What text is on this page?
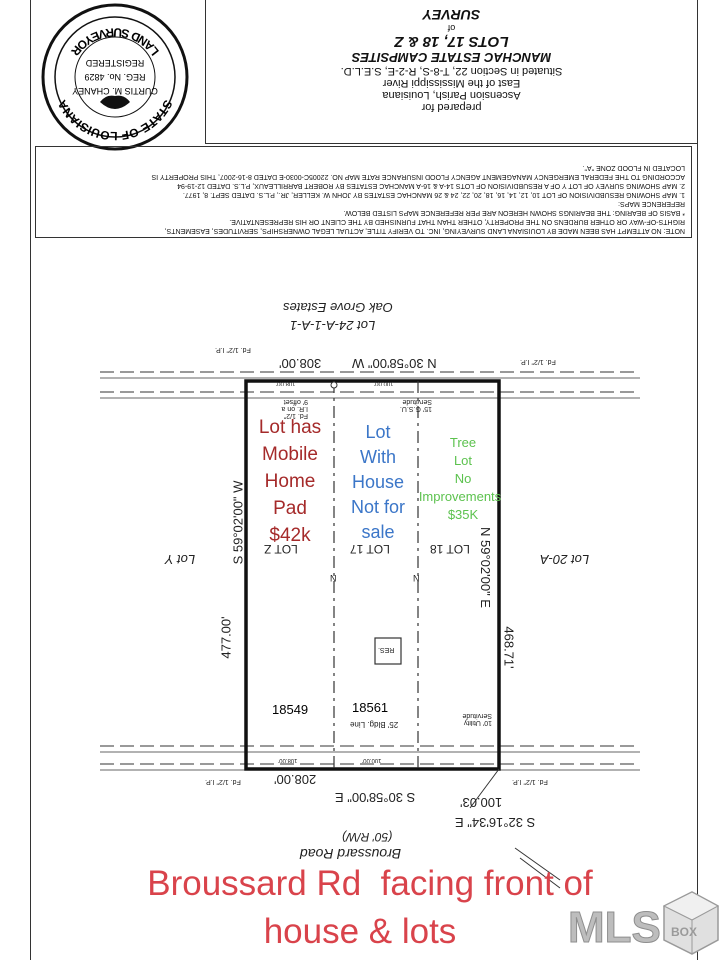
prepared for
Ascension Parish, Louisiana
East of the Mississippi River
Situated in Section 22, T-8-S, R-2-E, S.E.L.D.
MANCHAC ESTATE CAMPSITES
LOTS 17, 18 & Z
of
SURVEY
STATE OF LOUISIANA
LAND SURVEYOR
CURTIS M. CHANEY
REG. No. 4829
REGISTERED
NOTE: NO ATTEMPT HAS BEEN MADE BY LOUISIANA LAND SURVEYING, INC. TO VERIFY TITLE, ACTUAL LEGAL OWNERSHIPS, SERVITUDES, EASEMENTS,
RIGHTS-OF-WAY OR OTHER BURDENS ON THE PROPERTY, OTHER THAN THAT FURNISHED BY THE CLIENT OR HIS REPRESENTATIVE.
* BASIS OF BEARING: THE BEARINGS SHOWN HEREON ARE PER REFERENCE MAPS LISTED BELOW.
REFERENCE MAPS:
1. MAP SHOWING RESUBDIVISION OF LOT 10, 12, 14, 16, 18, 20, 22, 24 & 26 MANCHAC ESTATES BY JOHN W. KELLER, JR., P.L.S. DATED SEPT. 8, 1977.
2. MAP SHOWING SURVEY OF LOT Y OF A RESUBDIVISION OF LOTS 14-A & 16-A MANCHAC ESTATES BY ROBERT BARRILLEAUX, P.L.S. DATED 12-19-94
ACCORDING TO THE FEDERAL EMERGENCY MANAGEMENT AGENCY FLOOD INSURANCE RATE MAP NO. 22005C-0030-E DATED 8-16-2007, THIS PROPERTY IS
LOCATED IN FLOOD ZONE "A".
Lot 24-A-1-A-1
Oak Grove Estates
N 30°58'00" W
308.00'
Fd. 1/2" I.P.
Fd. 1/2" I.P.
Fd. 1/2" I.R. on a 9' offset
15' G.S.U. Servitude
108.00'	100.00'
N 59°02'00" E
468.71'
S 59°02'00" W
477.00'
LOT Z	LOT 17	LOT 18
Lot Y	Lot 20-A
N	N
RES.
25' Bldg. Line	10' Utility Servitude
108.00'	100.00'
Fd. 1/2" I.P.	Fd. 1/2" I.P.
S 30°58'00" E
208.00'
100.03'
S 32°16'34" E
(50' R/W)
Broussard Road
Lot has
Mobile
Home
Pad
$42k
Lot
With
House
Not for
sale
Tree
Lot
No
Improvements
$35K
18549	18561
Broussard Rd  facing front of
house & lots	MLS BOX
